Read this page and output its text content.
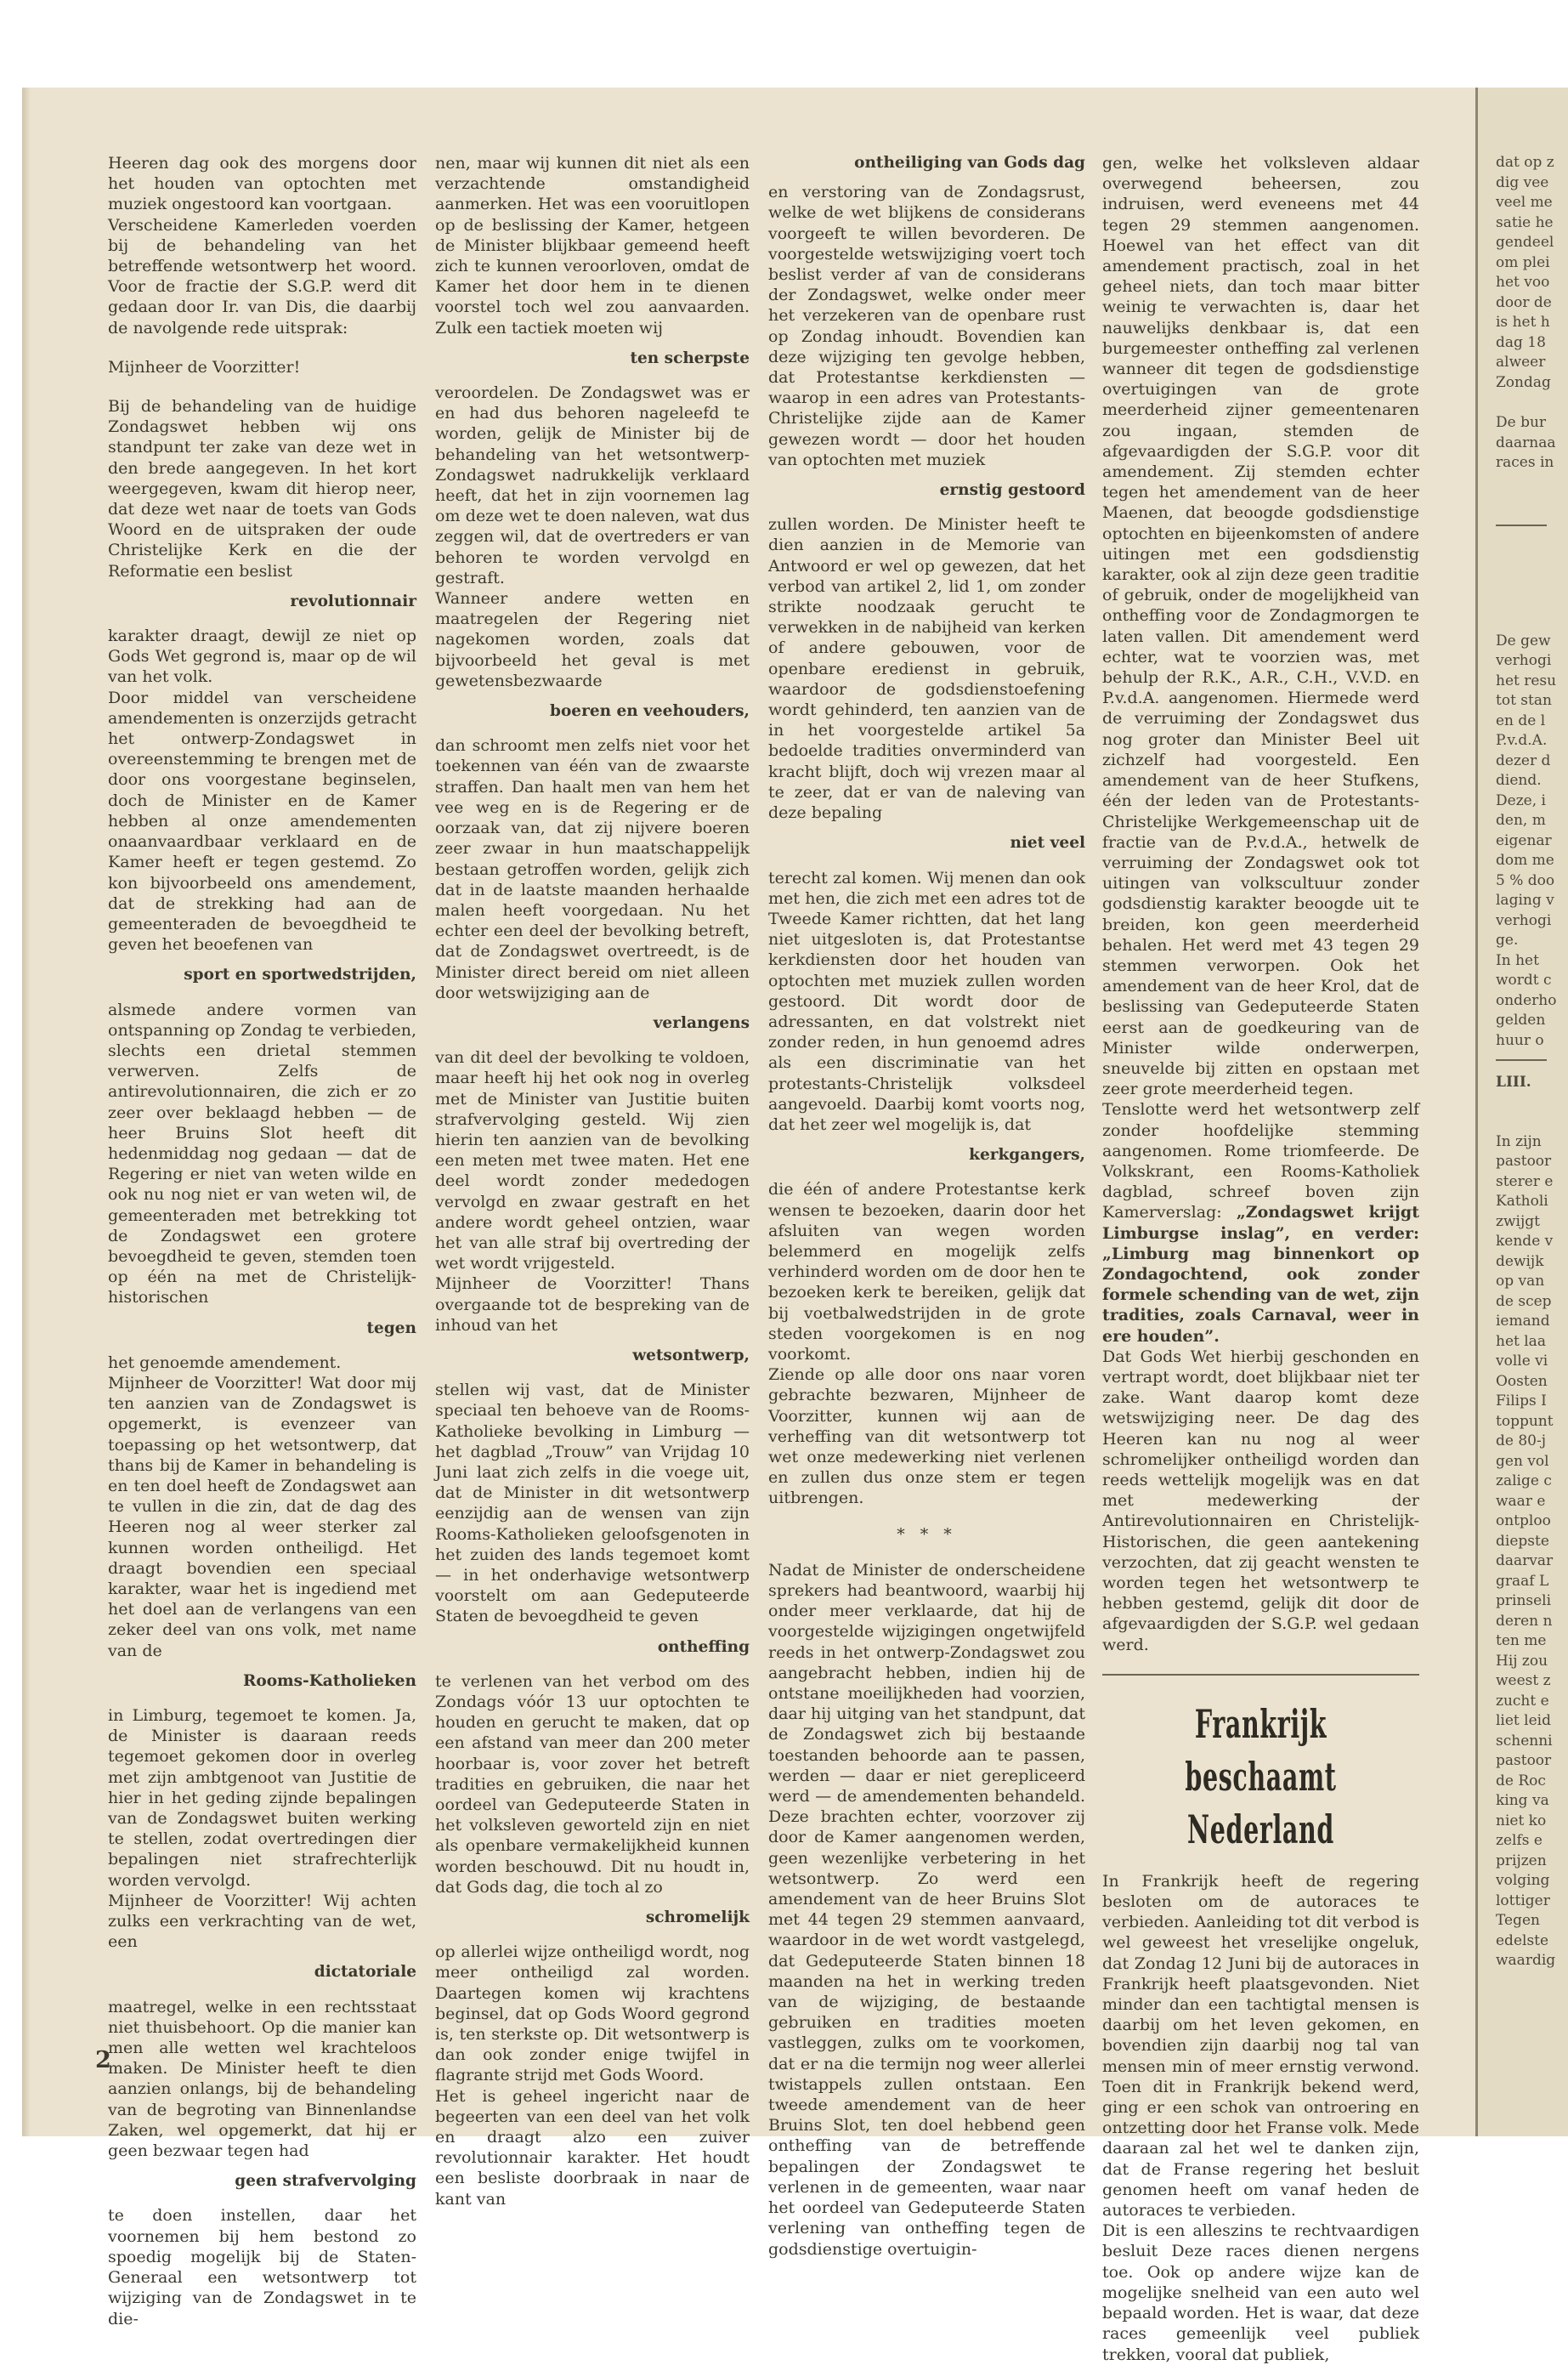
Heeren dag ook des morgens door het houden van optochten met muziek ongestoord kan voortgaan.

Verscheidene Kamerleden voerden bij de behandeling van het betreffende wetsontwerp het woord. Voor de fractie der S.G.P. werd dit gedaan door Ir. van Dis, die daarbij de navolgende rede uitsprak:

Mijnheer de Voorzitter!

Bij de behandeling van de huidige Zondagswet hebben wij ons standpunt ter zake van deze wet in den brede aangegeven. In het kort weergegeven, kwam dit hierop neer, dat deze wet naar de toets van Gods Woord en de uitspraken der oude Christelijke Kerk en die der Reformatie een beslist

revolutionnair

karakter draagt, dewijl ze niet op Gods Wet gegrond is, maar op de wil van het volk.

Door middel van verscheidene amendementen is onzerzijds getracht het ontwerp-Zondagswet in overeenstemming te brengen met de door ons voorgestane beginselen, doch de Minister en de Kamer hebben al onze amendementen onaanvaardbaar verklaard en de Kamer heeft er tegen gestemd. Zo kon bijvoorbeeld ons amendement, dat de strekking had aan de gemeenteraden de bevoegdheid te geven het beoefenen van

sport en sportwedstrijden,

alsmede andere vormen van ontspanning op Zondag te verbieden, slechts een drietal stemmen verwerven. Zelfs de antirevolutionnairen, die zich er zo zeer over beklaagd hebben — de heer Bruins Slot heeft dit hedenmiddag nog gedaan — dat de Regering er niet van weten wilde en ook nu nog niet er van weten wil, de gemeenteraden met betrekking tot de Zondagswet een grotere bevoegdheid te geven, stemden toen op één na met de Christelijk-historischen

tegen

het genoemde amendement.

Mijnheer de Voorzitter! Wat door mij ten aanzien van de Zondagswet is opgemerkt, is evenzeer van toepassing op het wetsontwerp, dat thans bij de Kamer in behandeling is en ten doel heeft de Zondagswet aan te vullen in die zin, dat de dag des Heeren nog al weer sterker zal kunnen worden ontheiligd. Het draagt bovendien een speciaal karakter, waar het is ingediend met het doel aan de verlangens van een zeker deel van ons volk, met name van de

Rooms-Katholieken

in Limburg, tegemoet te komen. Ja, de Minister is daaraan reeds tegemoet gekomen door in overleg met zijn ambtgenoot van Justitie de hier in het geding zijnde bepalingen van de Zondagswet buiten werking te stellen, zodat overtredingen dier bepalingen niet strafrechterlijk worden vervolgd.

Mijnheer de Voorzitter! Wij achten zulks een verkrachting van de wet, een

dictatoriale

maatregel, welke in een rechtsstaat niet thuisbehoort. Op die manier kan men alle wetten wel krachteloos maken. De Minister heeft te dien aanzien onlangs, bij de behandeling van de begroting van Binnenlandse Zaken, wel opgemerkt, dat hij er geen bezwaar tegen had

geen strafvervolging

te doen instellen, daar het voornemen bij hem bestond zo spoedig mogelijk bij de Staten-Generaal een wetsontwerp tot wijziging van de Zondagswet in te die-

nen, maar wij kunnen dit niet als een verzachtende omstandigheid aanmerken. Het was een vooruitlopen op de beslissing der Kamer, hetgeen de Minister blijkbaar gemeend heeft zich te kunnen veroorloven, omdat de Kamer het door hem in te dienen voorstel toch wel zou aanvaarden. Zulk een tactiek moeten wij

ten scherpste

veroordelen. De Zondagswet was er en had dus behoren nageleefd te worden, gelijk de Minister bij de behandeling van het wetsontwerp-Zondagswet nadrukkelijk verklaard heeft, dat het in zijn voornemen lag om deze wet te doen naleven, wat dus zeggen wil, dat de overtreders er van behoren te worden vervolgd en gestraft.

Wanneer andere wetten en maatregelen der Regering niet nagekomen worden, zoals dat bijvoorbeeld het geval is met gewetensbezwaarde

boeren en veehouders,

dan schroomt men zelfs niet voor het toekennen van één van de zwaarste straffen. Dan haalt men van hem het vee weg en is de Regering er de oorzaak van, dat zij nijvere boeren zeer zwaar in hun maatschappelijk bestaan getroffen worden, gelijk zich dat in de laatste maanden herhaalde malen heeft voorgedaan. Nu het echter een deel der bevolking betreft, dat de Zondagswet overtreedt, is de Minister direct bereid om niet alleen door wetswijziging aan de

verlangens

van dit deel der bevolking te voldoen, maar heeft hij het ook nog in overleg met de Minister van Justitie buiten strafvervolging gesteld. Wij zien hierin ten aanzien van de bevolking een meten met twee maten. Het ene deel wordt zonder mededogen vervolgd en zwaar gestraft en het andere wordt geheel ontzien, waar het van alle straf bij overtreding der wet wordt vrijgesteld.

Mijnheer de Voorzitter! Thans overgaande tot de bespreking van de inhoud van het

wetsontwerp,

stellen wij vast, dat de Minister speciaal ten behoeve van de Rooms-Katholieke bevolking in Limburg — het dagblad „Trouw” van Vrijdag 10 Juni laat zich zelfs in die voege uit, dat de Minister in dit wetsontwerp eenzijdig aan de wensen van zijn Rooms-Katholieken geloofsgenoten in het zuiden des lands tegemoet komt — in het onderhavige wetsontwerp voorstelt om aan Gedeputeerde Staten de bevoegdheid te geven

ontheffing

te verlenen van het verbod om des Zondags vóór 13 uur optochten te houden en gerucht te maken, dat op een afstand van meer dan 200 meter hoorbaar is, voor zover het betreft tradities en gebruiken, die naar het oordeel van Gedeputeerde Staten in het volksleven geworteld zijn en niet als openbare vermakelijkheid kunnen worden beschouwd. Dit nu houdt in, dat Gods dag, die toch al zo

schromelijk

op allerlei wijze ontheiligd wordt, nog meer ontheiligd zal worden. Daartegen komen wij krachtens beginsel, dat op Gods Woord gegrond is, ten sterkste op. Dit wetsontwerp is dan ook zonder enige twijfel in flagrante strijd met Gods Woord.

Het is geheel ingericht naar de begeerten van een deel van het volk en draagt alzo een zuiver revolutionnair karakter. Het houdt een besliste doorbraak in naar de kant van

ontheiliging van Gods dag

en verstoring van de Zondagsrust, welke de wet blijkens de considerans voorgeeft te willen bevorderen. De voorgestelde wetswijziging voert toch beslist verder af van de considerans der Zondagswet, welke onder meer het verzekeren van de openbare rust op Zondag inhoudt. Bovendien kan deze wijziging ten gevolge hebben, dat Protestantse kerkdiensten — waarop in een adres van Protestants-Christelijke zijde aan de Kamer gewezen wordt — door het houden van optochten met muziek

ernstig gestoord

zullen worden. De Minister heeft te dien aanzien in de Memorie van Antwoord er wel op gewezen, dat het verbod van artikel 2, lid 1, om zonder strikte noodzaak gerucht te verwekken in de nabijheid van kerken of andere gebouwen, voor de openbare eredienst in gebruik, waardoor de godsdienstoefening wordt gehinderd, ten aanzien van de in het voorgestelde artikel 5a bedoelde tradities onverminderd van kracht blijft, doch wij vrezen maar al te zeer, dat er van de naleving van deze bepaling

niet veel

terecht zal komen. Wij menen dan ook met hen, die zich met een adres tot de Tweede Kamer richtten, dat het lang niet uitgesloten is, dat Protestantse kerkdiensten door het houden van optochten met muziek zullen worden gestoord. Dit wordt door de adressanten, en dat volstrekt niet zonder reden, in hun genoemd adres als een discriminatie van het protestants-Christelijk volksdeel aangevoeld. Daarbij komt voorts nog, dat het zeer wel mogelijk is, dat

kerkgangers,

die één of andere Protestantse kerk wensen te bezoeken, daarin door het afsluiten van wegen worden belemmerd en mogelijk zelfs verhinderd worden om de door hen te bezoeken kerk te bereiken, gelijk dat bij voetbalwedstrijden in de grote steden voorgekomen is en nog voorkomt.

Ziende op alle door ons naar voren gebrachte bezwaren, Mijnheer de Voorzitter, kunnen wij aan de verheffing van dit wetsontwerp tot wet onze medewerking niet verlenen en zullen dus onze stem er tegen uitbrengen.

* * *

Nadat de Minister de onderscheidene sprekers had beantwoord, waarbij hij onder meer verklaarde, dat hij de voorgestelde wijzigingen ongetwijfeld reeds in het ontwerp-Zondagswet zou aangebracht hebben, indien hij de ontstane moeilijkheden had voorzien, daar hij uitging van het standpunt, dat de Zondagswet zich bij bestaande toestanden behoorde aan te passen, werden — daar er niet gerepliceerd werd — de amendementen behandeld. Deze brachten echter, voorzover zij door de Kamer aangenomen werden, geen wezenlijke verbetering in het wetsontwerp. Zo werd een amendement van de heer Bruins Slot met 44 tegen 29 stemmen aanvaard, waardoor in de wet wordt vastgelegd, dat Gedeputeerde Staten binnen 18 maanden na het in werking treden van de wijziging, de bestaande gebruiken en tradities moeten vastleggen, zulks om te voorkomen, dat er na die termijn nog weer allerlei twistappels zullen ontstaan. Een tweede amendement van de heer Bruins Slot, ten doel hebbend geen ontheffing van de betreffende bepalingen der Zondagswet te verlenen in de gemeenten, waar naar het oordeel van Gedeputeerde Staten verlening van ontheffing tegen de godsdienstige overtuigin-

gen, welke het volksleven aldaar overwegend beheersen, zou indruisen, werd eveneens met 44 tegen 29 stemmen aangenomen. Hoewel van het effect van dit amendement practisch, zoal in het geheel niets, dan toch maar bitter weinig te verwachten is, daar het nauwelijks denkbaar is, dat een burgemeester ontheffing zal verlenen wanneer dit tegen de godsdienstige overtuigingen van de grote meerderheid zijner gemeentenaren zou ingaan, stemden de afgevaardigden der S.G.P. voor dit amendement. Zij stemden echter tegen het amendement van de heer Maenen, dat beoogde godsdienstige optochten en bijeenkomsten of andere uitingen met een godsdienstig karakter, ook al zijn deze geen traditie of gebruik, onder de mogelijkheid van ontheffing voor de Zondagmorgen te laten vallen. Dit amendement werd echter, wat te voorzien was, met behulp der R.K., A.R., C.H., V.V.D. en P.v.d.A. aangenomen. Hiermede werd de verruiming der Zondagswet dus nog groter dan Minister Beel uit zichzelf had voorgesteld. Een amendement van de heer Stufkens, één der leden van de Protestants-Christelijke Werkgemeenschap uit de fractie van de P.v.d.A., hetwelk de verruiming der Zondagswet ook tot uitingen van volkscultuur zonder godsdienstig karakter beoogde uit te breiden, kon geen meerderheid behalen. Het werd met 43 tegen 29 stemmen verworpen. Ook het amendement van de heer Krol, dat de beslissing van Gedeputeerde Staten eerst aan de goedkeuring van de Minister wilde onderwerpen, sneuvelde bij zitten en opstaan met zeer grote meerderheid tegen.

Tenslotte werd het wetsontwerp zelf zonder hoofdelijke stemming aangenomen. Rome triomfeerde. De Volkskrant, een Rooms-Katholiek dagblad, schreef boven zijn Kamerverslag: „Zondagswet krijgt Limburgse inslag”, en verder: „Limburg mag binnenkort op Zondagochtend, ook zonder formele schending van de wet, zijn tradities, zoals Carnaval, weer in ere houden”.

Dat Gods Wet hierbij geschonden en vertrapt wordt, doet blijkbaar niet ter zake. Want daarop komt deze wetswijziging neer. De dag des Heeren kan nu nog al weer schromelijker ontheiligd worden dan reeds wettelijk mogelijk was en dat met medewerking der Antirevolutionnairen en Christelijk-Historischen, die geen aantekening verzochten, dat zij geacht wensten te worden tegen het wetsontwerp te hebben gestemd, gelijk dit door de afgevaardigden der S.G.P. wel gedaan werd.

Frankrijk beschaamt
Nederland

In Frankrijk heeft de regering besloten om de autoraces te verbieden. Aanleiding tot dit verbod is wel geweest het vreselijke ongeluk, dat Zondag 12 Juni bij de autoraces in Frankrijk heeft plaatsgevonden. Niet minder dan een tachtigtal mensen is daarbij om het leven gekomen, en bovendien zijn daarbij nog tal van mensen min of meer ernstig verwond. Toen dit in Frankrijk bekend werd, ging er een schok van ontroering en ontzetting door het Franse volk. Mede daaraan zal het wel te danken zijn, dat de Franse regering het besluit genomen heeft om vanaf heden de autoraces te verbieden.

Dit is een alleszins te rechtvaardigen besluit Deze races dienen nergens toe. Ook op andere wijze kan de mogelijke snelheid van een auto wel bepaald worden. Het is waar, dat deze races gemeenlijk veel publiek trekken, vooral dat publiek,

2
dat op z
dig vee
veel me
satie he
gendeel
om plei
het voo
door de
is het h
dag 18
alweer
Zondag
De bur
daarnaa
races in
De gew
verhogi
het resu
tot stan
en de l
P.v.d.A.
dezer d
diend.
Deze, i
den, m
eigenar
dom me
5 % doo
laging v
verhogi
ge.
In het
wordt c
onderho
gelden
huur o
LIII.
In zijn
pastoor
sterer e
Katholi
zwijgt
kende v
dewijk
op van
de scep
iemand
het laa
volle vi
Oosten
Filips I
toppunt
de 80-j
gen vol
zalige c
waar e
ontploo
diepste
daarvar
graaf L
prinseli
deren n
ten me
Hij zou
weest z
zucht e
liet leid
schenni
pastoor
de Roc
king va
niet ko
zelfs e
prijzen
volging
lottiger
Tegen
edelste
waardig
